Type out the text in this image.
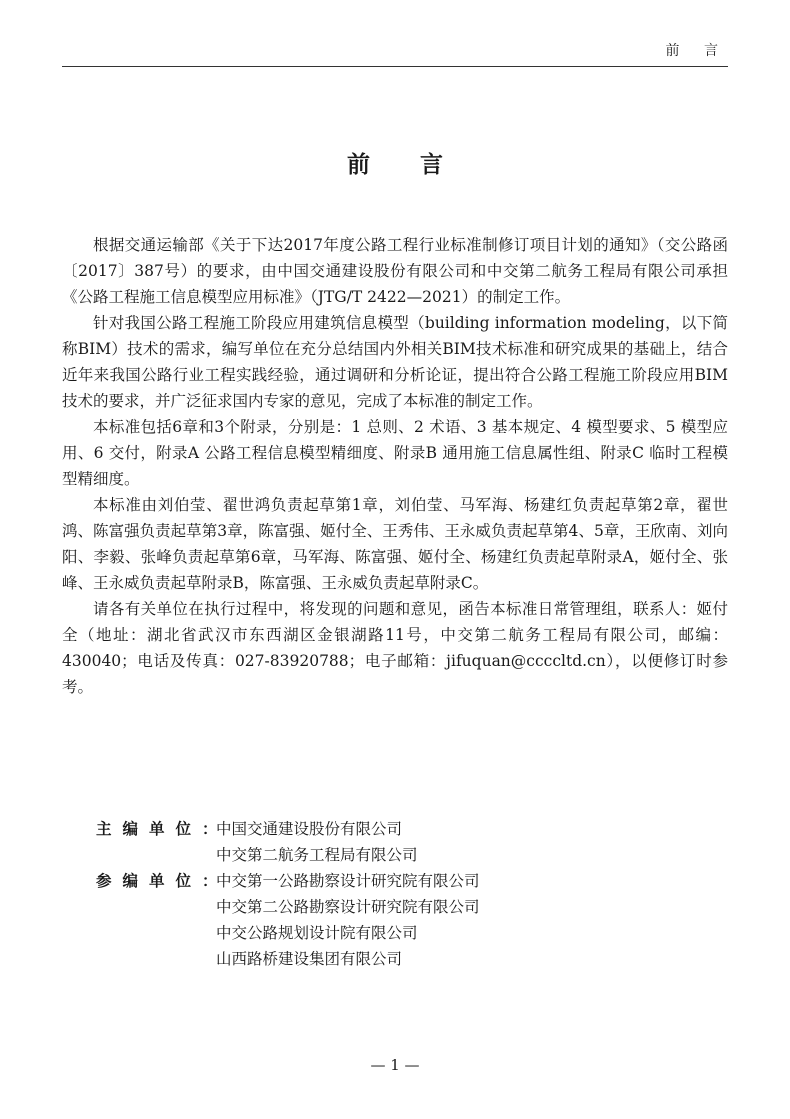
前 言
前言

根据交通运输部《关于下达2017年度公路工程行业标准制修订项目计划的通知》（交公路函〔2017〕387号）的要求，由中国交通建设股份有限公司和中交第二航务工程局有限公司承担《公路工程施工信息模型应用标准》（JTG/T 2422—2021）的制定工作。

针对我国公路工程施工阶段应用建筑信息模型（building information modeling，以下简称BIM）技术的需求，编写单位在充分总结国内外相关BIM技术标准和研究成果的基础上，结合近年来我国公路行业工程实践经验，通过调研和分析论证，提出符合公路工程施工阶段应用BIM技术的要求，并广泛征求国内专家的意见，完成了本标准的制定工作。

本标准包括6章和3个附录，分别是：1 总则、2 术语、3 基本规定、4 模型要求、5 模型应用、6 交付，附录A 公路工程信息模型精细度、附录B 通用施工信息属性组、附录C 临时工程模型精细度。

本标准由刘伯莹、翟世鸿负责起草第1章，刘伯莹、马军海、杨建红负责起草第2章，翟世鸿、陈富强负责起草第3章，陈富强、姬付全、王秀伟、王永威负责起草第4、5章，王欣南、刘向阳、李毅、张峰负责起草第6章，马军海、陈富强、姬付全、杨建红负责起草附录A，姬付全、张峰、王永威负责起草附录B，陈富强、王永威负责起草附录C。

请各有关单位在执行过程中，将发现的问题和意见，函告本标准日常管理组，联系人：姬付全（地址：湖北省武汉市东西湖区金银湖路11号，中交第二航务工程局有限公司，邮编：430040；电话及传真：027-83920788；电子邮箱：jifuquan@ccccltd.cn），以便修订时参考。

主编单位：
中国交通建设股份有限公司
中交第二航务工程局有限公司
参编单位：
中交第一公路勘察设计研究院有限公司
中交第二公路勘察设计研究院有限公司
中交公路规划设计院有限公司
山西路桥建设集团有限公司
— 1 —
